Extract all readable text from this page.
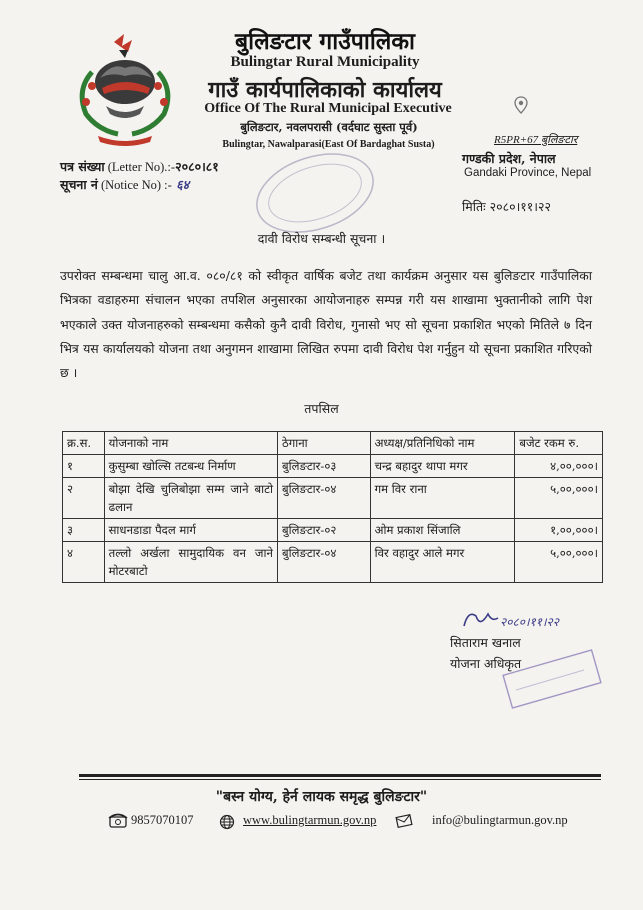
बुलिङटार गाउँपालिका
Bulingtar Rural Municipality
गाउँ कार्यपालिकाको कार्यालय
Office Of The Rural Municipal Executive
बुलिङटार, नवलपरासी (वर्दघाट सुस्ता पूर्व)
Bulingtar, Nawalparasi(East Of Bardaghat Susta)	R5PR+67 बुलिङटार
गण्डकी प्रदेश, नेपाल
Gandaki Province, Nepal
पत्र संख्या (Letter No).:-२०८०।८१
सूचना नं (Notice No) :- ६४
मितिः २०८०।११।२२
दावी विरोध सम्बन्धी सूचना ।
उपरोक्त सम्बन्धमा चालु आ.व. ०८०/८१ को स्वीकृत वार्षिक बजेट तथा कार्यक्रम अनुसार यस बुलिङटार गाउँपालिका भित्रका वडाहरुमा संचालन भएका तपशिल अनुसारका आयोजनाहरु सम्पन्न गरी यस शाखामा भुक्तानीको लागि पेश भएकाले उक्त योजनाहरुको सम्बन्धमा कसैको कुनै दावी विरोध, गुनासो भए सो सूचना प्रकाशित भएको मितिले ७ दिन भित्र यस कार्यालयको योजना तथा अनुगमन शाखामा लिखित रुपमा दावी विरोध पेश गर्नुहुन यो सूचना प्रकाशित गरिएको छ ।
तपसिल
क्र.स.	योजनाको नाम	ठेगाना	अध्यक्ष/प्रतिनिधिको नाम	बजेट रकम रु.
१	कुसुम्बा खोल्सि तटबन्ध निर्माण	बुलिङटार-०३	चन्द्र बहादुर थापा मगर	४,००,०००।
२	बोझा देखि चुलिबोझा सम्म जाने बाटो ढलान	बुलिङटार-०४	गम विर राना	५,००,०००।
३	साधनडाडा पैदल मार्ग	बुलिङटार-०२	ओम प्रकाश सिंजालि	१,००,०००।
४	तल्लो अर्खला सामुदायिक वन जाने मोटरबाटो	बुलिङटार-०४	विर वहादुर आले मगर	५,००,०००।
२०८०।११।२२
सिताराम खनाल
योजना अधिकृत
"बस्न योग्य, हेर्न लायक समृद्ध बुलिङटार"
9857070107	www.bulingtarmun.gov.np	info@bulingtarmun.gov.np
